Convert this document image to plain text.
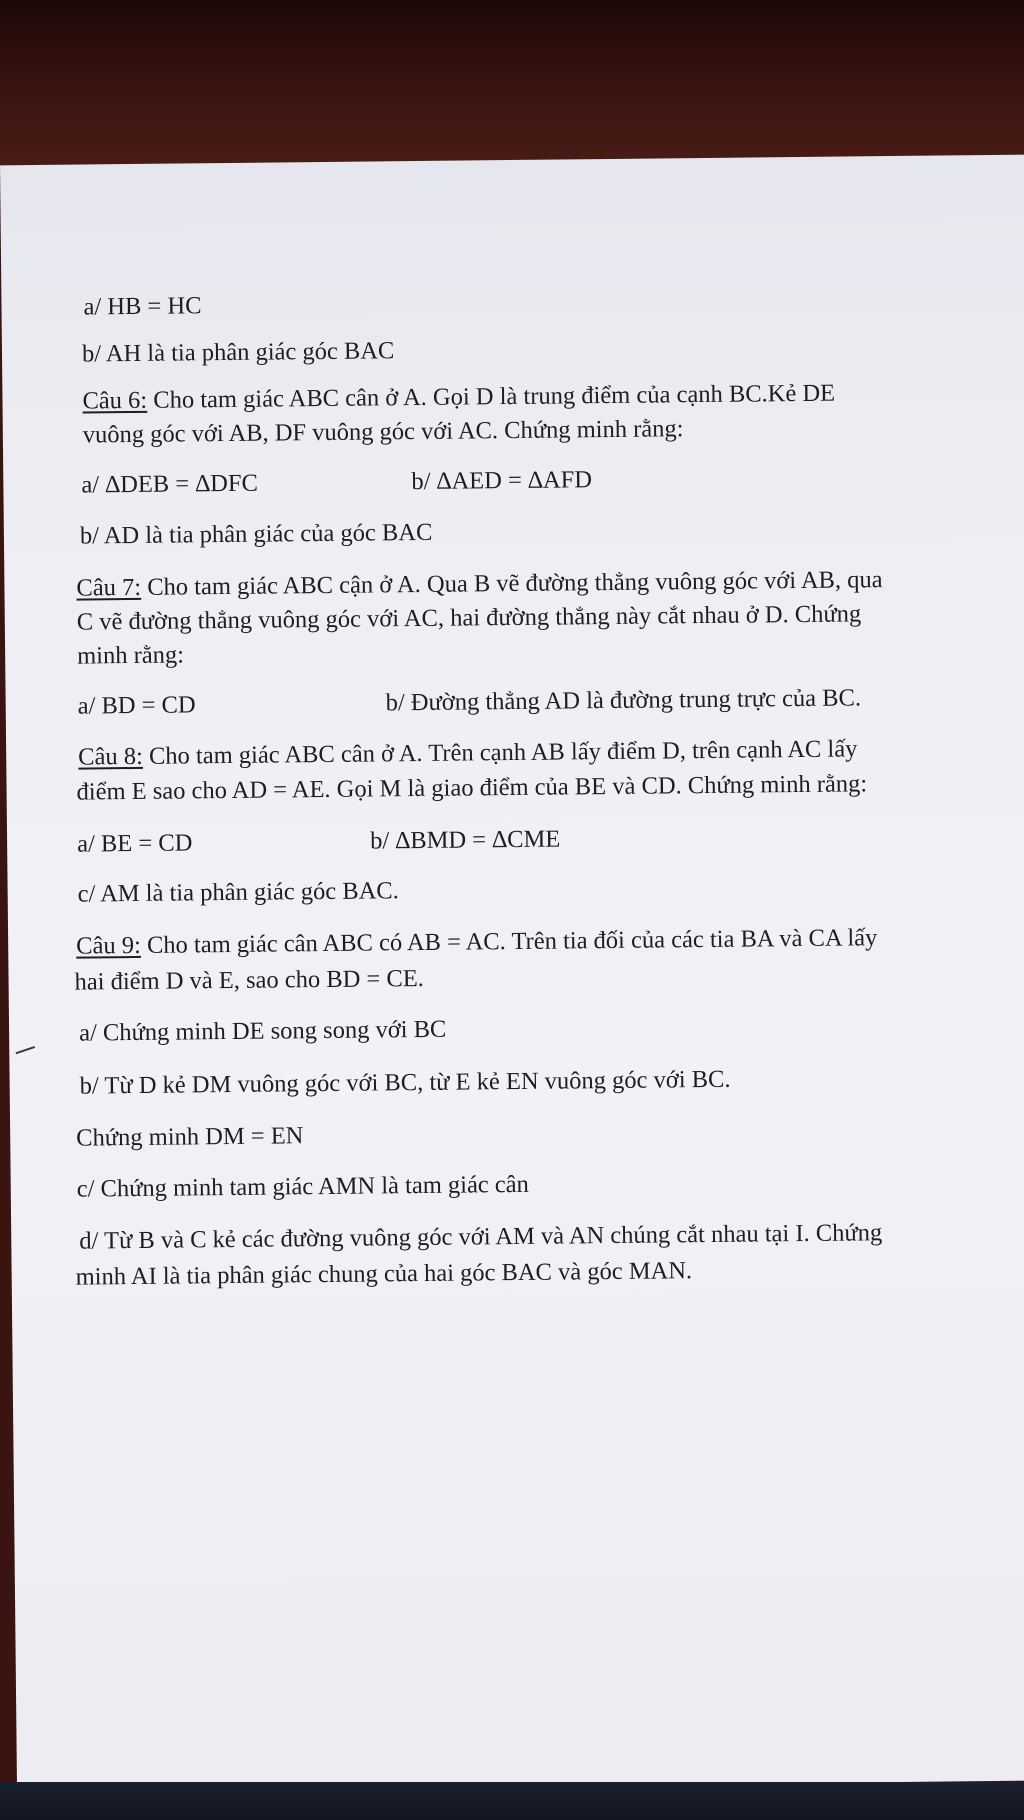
a/ HB = HC
b/ AH là tia phân giác góc BAC
Câu 6: Cho tam giác ABC cân ở A. Gọi D là trung điểm của cạnh BC.Kẻ DE
vuông góc với AB, DF vuông góc với AC. Chứng minh rằng:
a/ ∆DEB = ∆DFC	b/ ∆AED = ∆AFD
b/ AD là tia phân giác của góc BAC
Câu 7: Cho tam giác ABC cận ở A. Qua B vẽ đường thẳng vuông góc với AB, qua
C vẽ đường thẳng vuông góc với AC, hai đường thẳng này cắt nhau ở D. Chứng
minh rằng:
a/ BD = CD	b/ Đường thẳng AD là đường trung trực của BC.
Câu 8: Cho tam giác ABC cân ở A. Trên cạnh AB lấy điểm D, trên cạnh AC lấy
điểm E sao cho AD = AE. Gọi M là giao điểm của BE và CD. Chứng minh rằng:
a/ BE = CD	b/ ∆BMD = ∆CME
c/ AM là tia phân giác góc BAC.
Câu 9: Cho tam giác cân ABC có AB = AC. Trên tia đối của các tia BA và CA lấy
hai điểm D và E, sao cho BD = CE.
a/ Chứng minh DE song song với BC
b/ Từ D kẻ DM vuông góc với BC, từ E kẻ EN vuông góc với BC.
Chứng minh DM = EN
c/ Chứng minh tam giác AMN là tam giác cân
d/ Từ B và C kẻ các đường vuông góc với AM và AN chúng cắt nhau tại I. Chứng
minh AI là tia phân giác chung của hai góc BAC và góc MAN.
